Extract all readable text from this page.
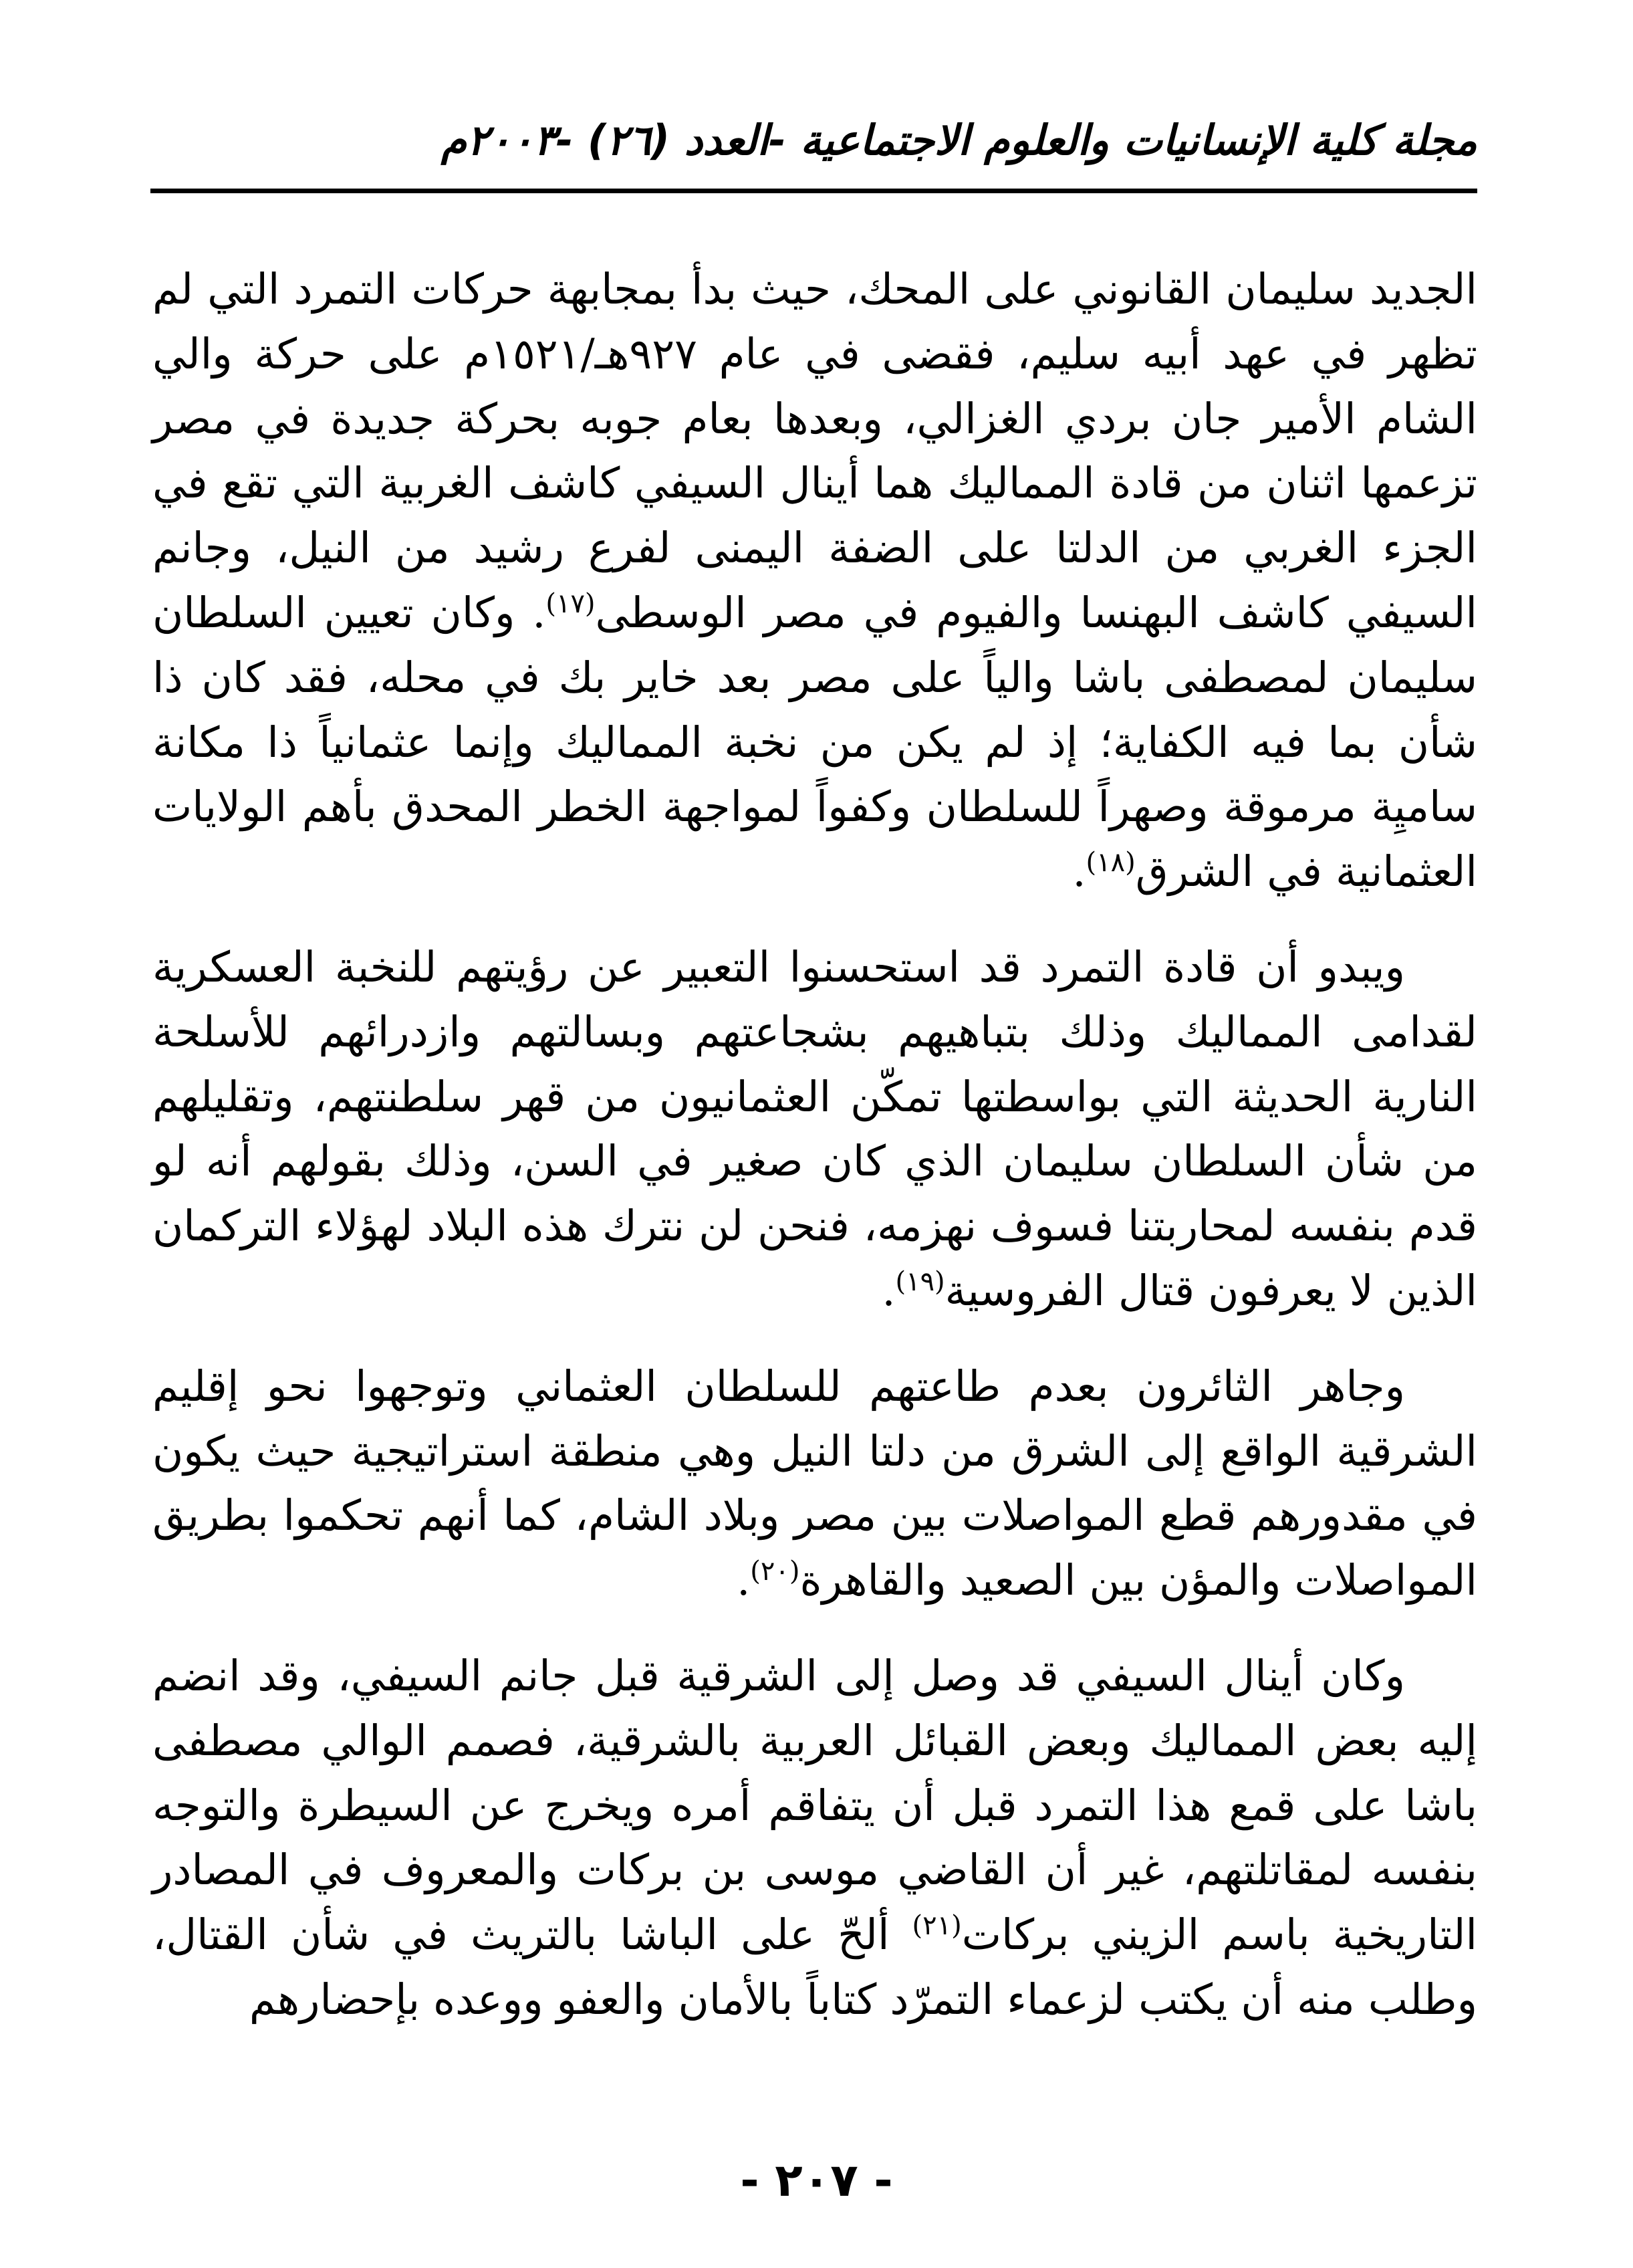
مجلة كلية الإنسانيات والعلوم الاجتماعية -العدد (٢٦) -٢٠٠٣م

الجديد سليمان القانوني على المحك، حيث بدأ بمجابهة حركات التمرد التي لم تظهر في عهد أبيه سليم، فقضى في عام ٩٢٧هـ/١٥٢١م على حركة والي الشام الأمير جان بردي الغزالي، وبعدها بعام جوبه بحركة جديدة في مصر تزعمها اثنان من قادة المماليك هما أينال السيفي كاشف الغربية التي تقع في الجزء الغربي من الدلتا على الضفة اليمنى لفرع رشيد من النيل، وجانم السيفي كاشف البهنسا والفيوم في مصر الوسطى$^{(١٧)}$. وكان تعيين السلطان سليمان لمصطفى باشا والياً على مصر بعد خاير بك في محله، فقد كان ذا شأن بما فيه الكفاية؛ إذ لم يكن من نخبة المماليك وإنما عثمانياً ذا مكانة ساميِة مرموقة وصهراً للسلطان وكفواً لمواجهة الخطر المحدق بأهم الولايات العثمانية في الشرق$^{(١٨)}$.

ويبدو أن قادة التمرد قد استحسنوا التعبير عن رؤيتهم للنخبة العسكرية لقدامى المماليك وذلك بتباهيهم بشجاعتهم وبسالتهم وازدرائهم للأسلحة النارية الحديثة التي بواسطتها تمكّن العثمانيون من قهر سلطنتهم، وتقليلهم من شأن السلطان سليمان الذي كان صغير في السن، وذلك بقولهم أنه لو قدم بنفسه لمحاربتنا فسوف نهزمه، فنحن لن نترك هذه البلاد لهؤلاء التركمان الذين لا يعرفون قتال الفروسية$^{(١٩)}$.

وجاهر الثائرون بعدم طاعتهم للسلطان العثماني وتوجهوا نحو إقليم الشرقية الواقع إلى الشرق من دلتا النيل وهي منطقة استراتيجية حيث يكون في مقدورهم قطع المواصلات بين مصر وبلاد الشام، كما أنهم تحكموا بطريق المواصلات والمؤن بين الصعيد والقاهرة$^{(٢٠)}$.

وكان أينال السيفي قد وصل إلى الشرقية قبل جانم السيفي، وقد انضم إليه بعض المماليك وبعض القبائل العربية بالشرقية، فصمم الوالي مصطفى باشا على قمع هذا التمرد قبل أن يتفاقم أمره ويخرج عن السيطرة والتوجه بنفسه لمقاتلتهم، غير أن القاضي موسى بن بركات والمعروف في المصادر التاريخية باسم الزيني بركات$^{(٢١)}$ ألحّ على الباشا بالتريث في شأن القتال، وطلب منه أن يكتب لزعماء التمرّد كتاباً بالأمان والعفو ووعده بإحضارهم

- ٢٠٧ -
